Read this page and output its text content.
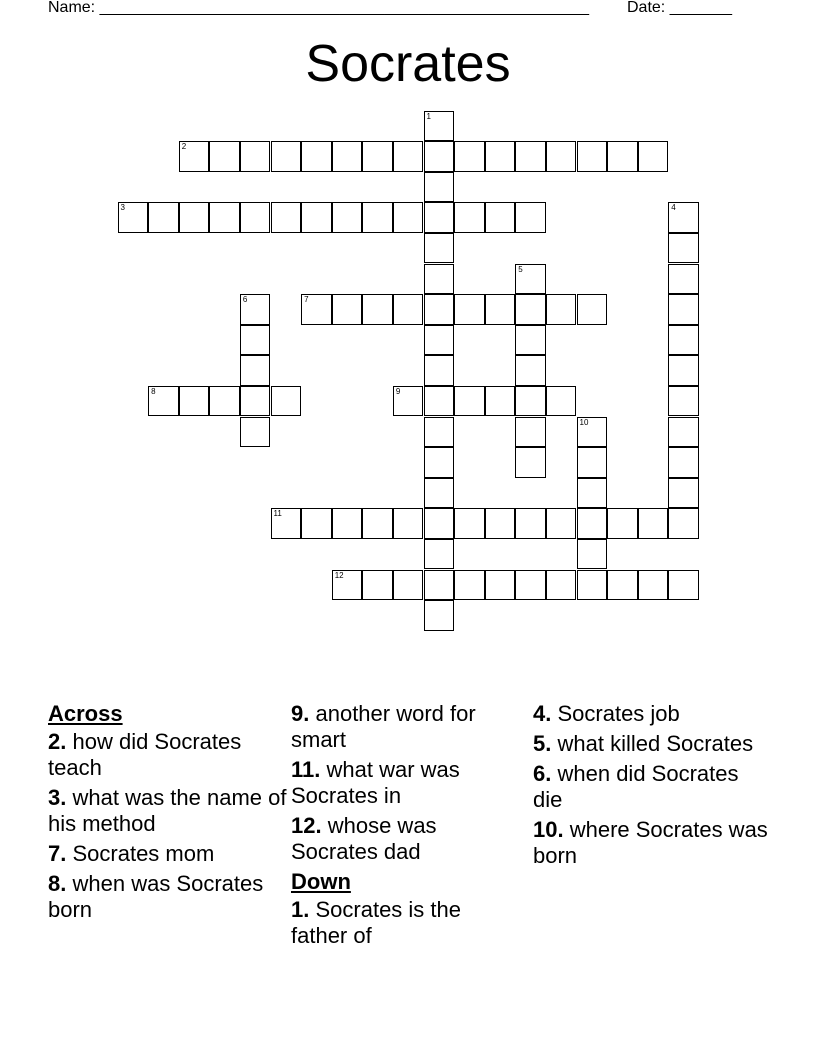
Name: _______________________________________________________ Date: _______
Socrates
1
2
3	4
5
6	7
8	9
10
11
12
Across
2. how did Socrates teach
3. what was the name of his method
7. Socrates mom
8. when was Socrates born
9. another word for smart
11. what war was Socrates in
12. whose was Socrates dad
Down
1. Socrates is the father of
4. Socrates job
5. what killed Socrates
6. when did Socrates die
10. where Socrates was born
